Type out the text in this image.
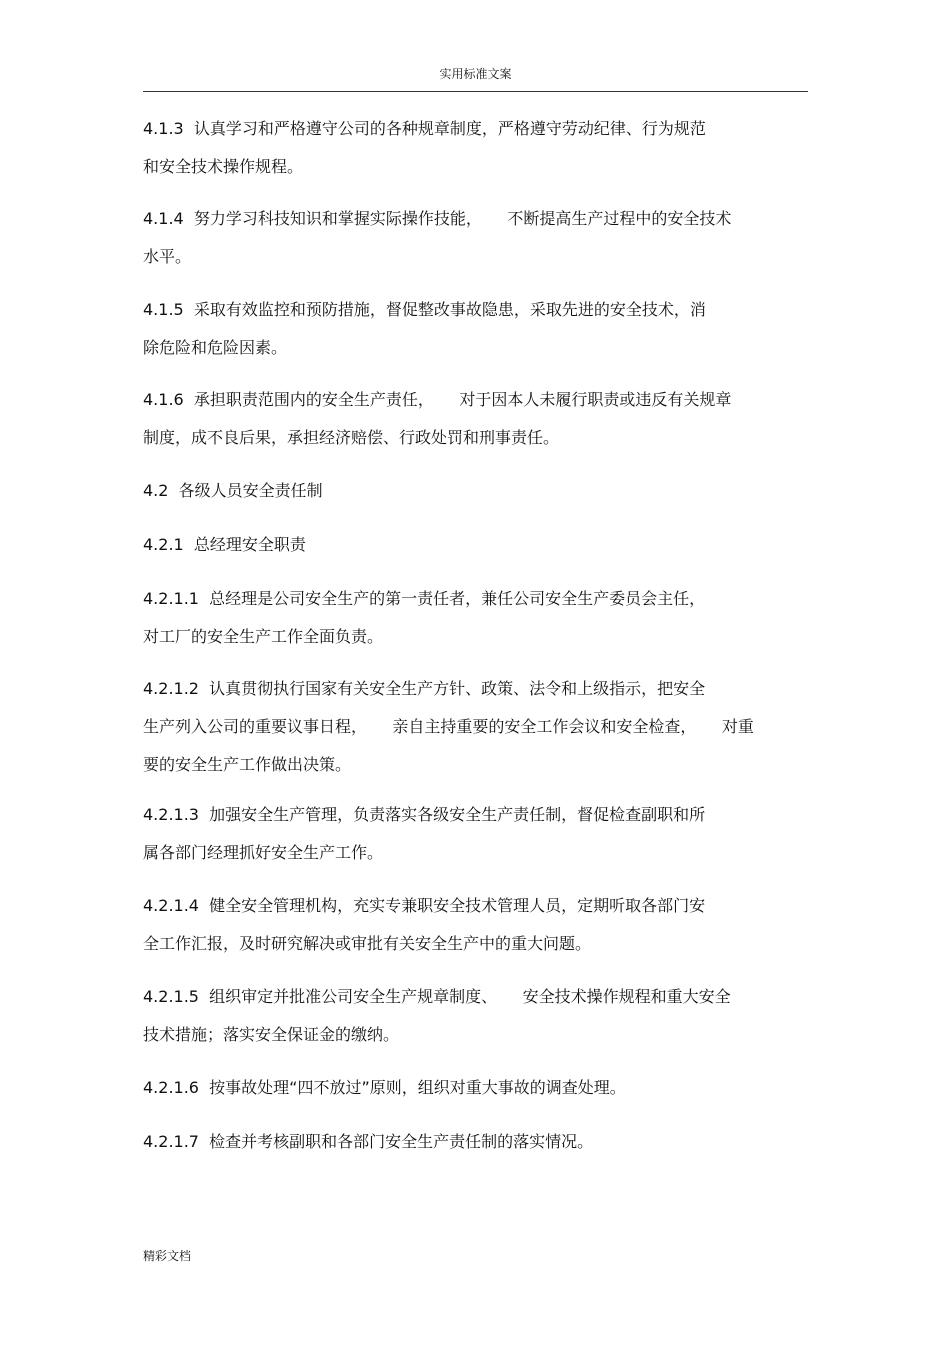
实用标准文案
4.1.3  认真学习和严格遵守公司的各种规章制度，严格遵守劳动纪律、行为规范
和安全技术操作规程。
4.1.4  努力学习科技知识和掌握实际操作技能，     不断提高生产过程中的安全技术
水平。
4.1.5  采取有效监控和预防措施，督促整改事故隐患，采取先进的安全技术，消
除危险和危险因素。
4.1.6  承担职责范围内的安全生产责任，     对于因本人未履行职责或违反有关规章
制度，成不良后果，承担经济赔偿、行政处罚和刑事责任。
4.2  各级人员安全责任制
4.2.1  总经理安全职责
4.2.1.1  总经理是公司安全生产的第一责任者，兼任公司安全生产委员会主任，
对工厂的安全生产工作全面负责。
4.2.1.2  认真贯彻执行国家有关安全生产方针、政策、法令和上级指示，把安全
生产列入公司的重要议事日程，     亲自主持重要的安全工作会议和安全检查，     对重
要的安全生产工作做出决策。
4.2.1.3  加强安全生产管理，负责落实各级安全生产责任制，督促检查副职和所
属各部门经理抓好安全生产工作。
4.2.1.4  健全安全管理机构，充实专兼职安全技术管理人员，定期听取各部门安
全工作汇报，及时研究解决或审批有关安全生产中的重大问题。
4.2.1.5  组织审定并批准公司安全生产规章制度、     安全技术操作规程和重大安全
技术措施；落实安全保证金的缴纳。
4.2.1.6  按事故处理“四不放过”原则，组织对重大事故的调查处理。
4.2.1.7  检查并考核副职和各部门安全生产责任制的落实情况。
精彩文档
